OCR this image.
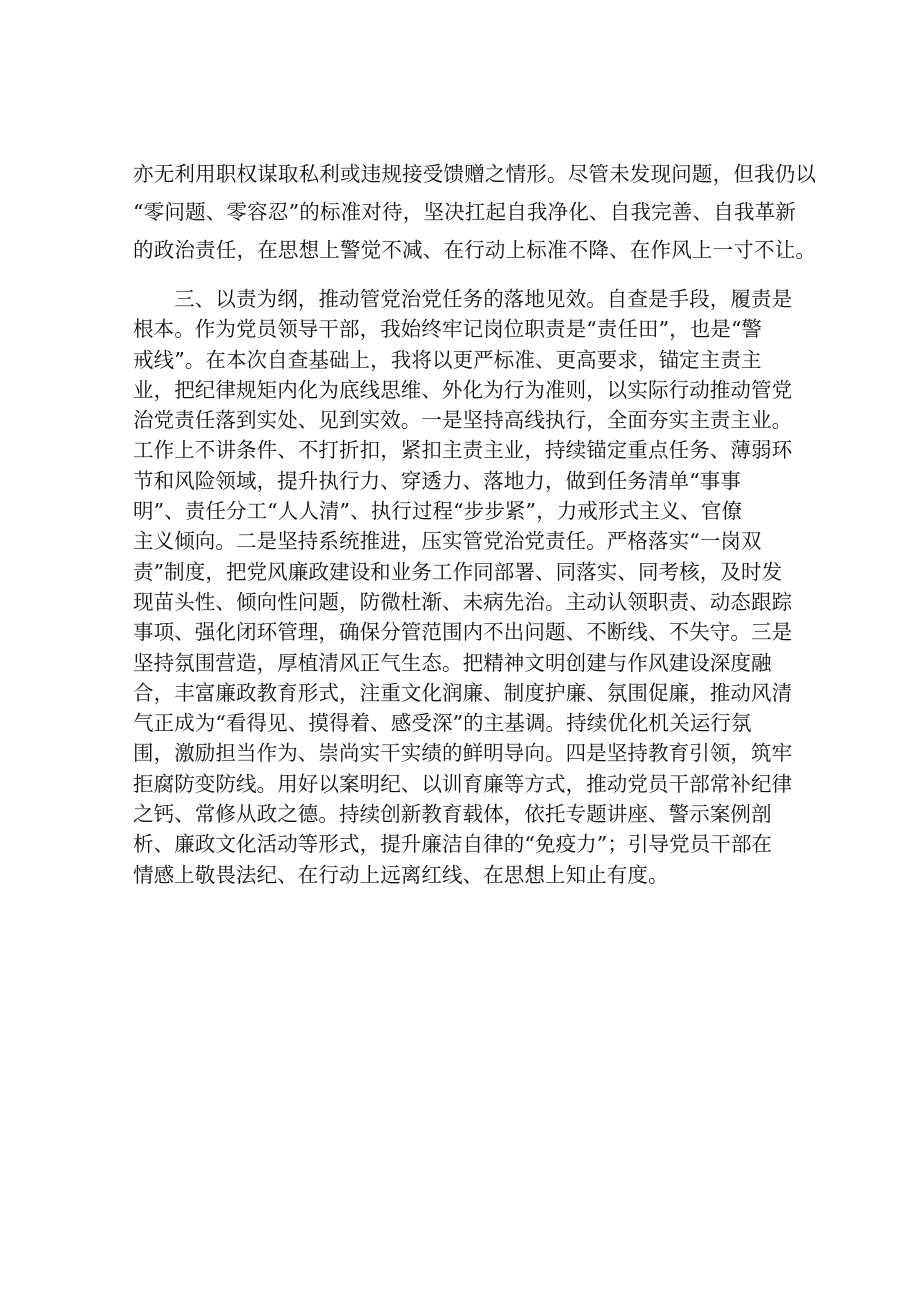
亦无利用职权谋取私利或违规接受馈赠之情形。尽管未发现问题，但我仍以
“零问题、零容忍”的标准对待，坚决扛起自我净化、自我完善、自我革新
的政治责任，在思想上警觉不减、在行动上标准不降、在作风上一寸不让。
　　三、以责为纲，推动管党治党任务的落地见效。自查是手段，履责是
根本。作为党员领导干部，我始终牢记岗位职责是“责任田”，也是“警
戒线”。在本次自查基础上，我将以更严标准、更高要求，锚定主责主
业，把纪律规矩内化为底线思维、外化为行为准则，以实际行动推动管党
治党责任落到实处、见到实效。一是坚持高线执行，全面夯实主责主业。
工作上不讲条件、不打折扣，紧扣主责主业，持续锚定重点任务、薄弱环
节和风险领域，提升执行力、穿透力、落地力，做到任务清单“事事
明”、责任分工“人人清”、执行过程“步步紧”，力戒形式主义、官僚
主义倾向。二是坚持系统推进，压实管党治党责任。严格落实“一岗双
责”制度，把党风廉政建设和业务工作同部署、同落实、同考核，及时发
现苗头性、倾向性问题，防微杜渐、未病先治。主动认领职责、动态跟踪
事项、强化闭环管理，确保分管范围内不出问题、不断线、不失守。三是
坚持氛围营造，厚植清风正气生态。把精神文明创建与作风建设深度融
合，丰富廉政教育形式，注重文化润廉、制度护廉、氛围促廉，推动风清
气正成为“看得见、摸得着、感受深”的主基调。持续优化机关运行氛
围，激励担当作为、崇尚实干实绩的鲜明导向。四是坚持教育引领，筑牢
拒腐防变防线。用好以案明纪、以训育廉等方式，推动党员干部常补纪律
之钙、常修从政之德。持续创新教育载体，依托专题讲座、警示案例剖
析、廉政文化活动等形式，提升廉洁自律的“免疫力”；引导党员干部在
情感上敬畏法纪、在行动上远离红线、在思想上知止有度。
